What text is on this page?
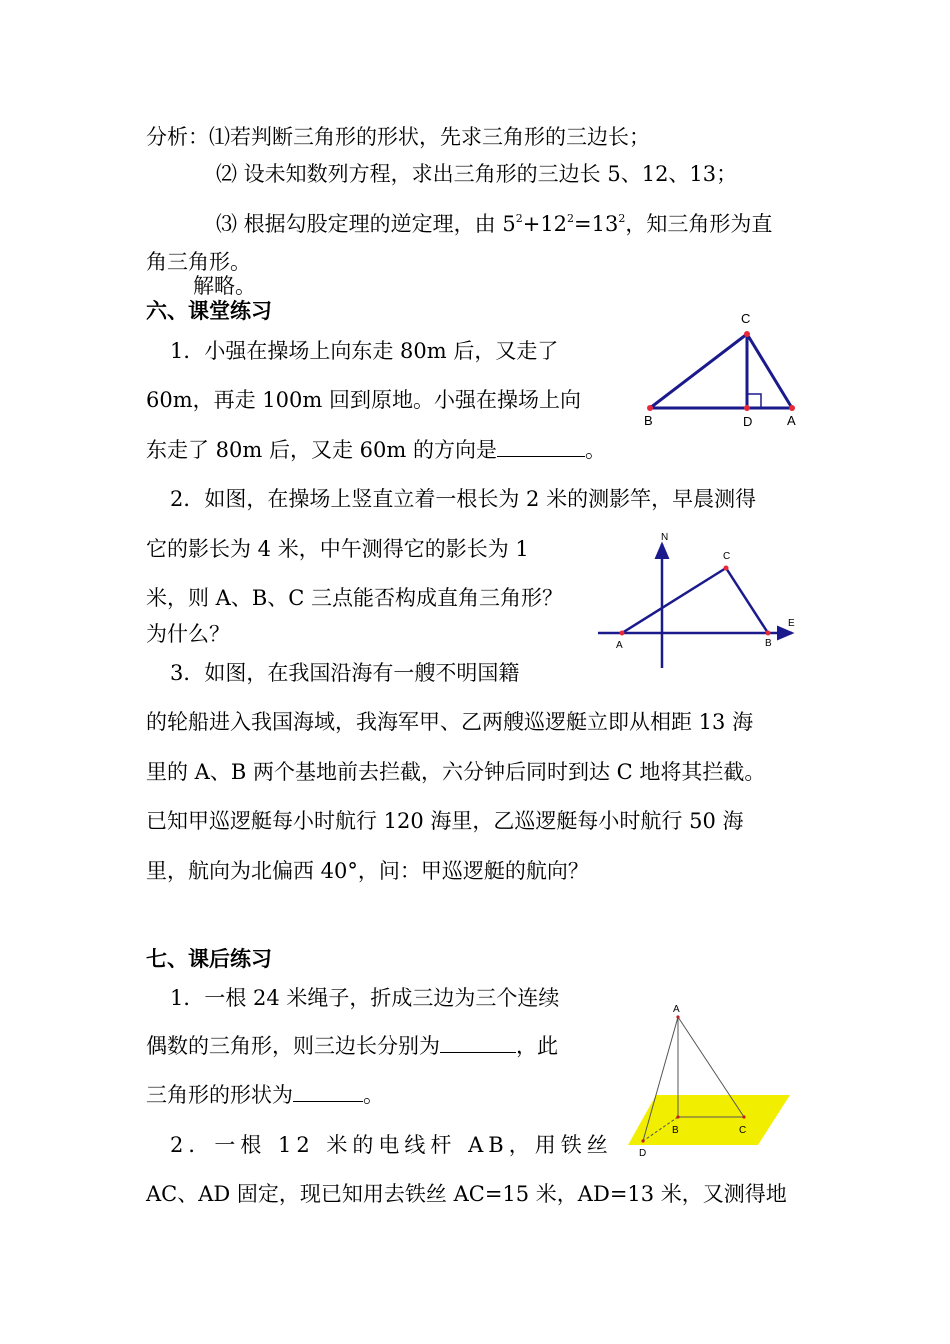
分析：⑴若判断三角形的形状，先求三角形的三边长；
⑵ 设未知数列方程，求出三角形的三边长 5、12、13；
⑶ 根据勾股定理的逆定理，由 $5^2+12^2=13^2$，知三角形为直
角三角形。
解略。
六、课堂练习
1．小强在操场上向东走 80m 后，又走了
60m，再走 100m 回到原地。小强在操场上向
东走了 80m 后，又走 60m 的方向是	。
2．如图，在操场上竖直立着一根长为 2 米的测影竿，早晨测得
它的影长为 4 米，中午测得它的影长为 1
米，则 A、B、C 三点能否构成直角三角形？
为什么？
3．如图，在我国沿海有一艘不明国籍
的轮船进入我国海域，我海军甲、乙两艘巡逻艇立即从相距 13 海
里的 A、B 两个基地前去拦截，六分钟后同时到达 C 地将其拦截。
已知甲巡逻艇每小时航行 120 海里，乙巡逻艇每小时航行 50 海
里，航向为北偏西 40°，问：甲巡逻艇的航向？
七、课后练习
1．一根 24 米绳子，折成三边为三个连续
偶数的三角形，则三边长分别为	，此
三角形的形状为	。
2．一根 12 米的电线杆 AB，用铁丝
AC、AD 固定，现已知用去铁丝 AC=15 米，AD=13 米，又测得地
C
B	D	A
N
C
E
A	B
A
B	C
D
